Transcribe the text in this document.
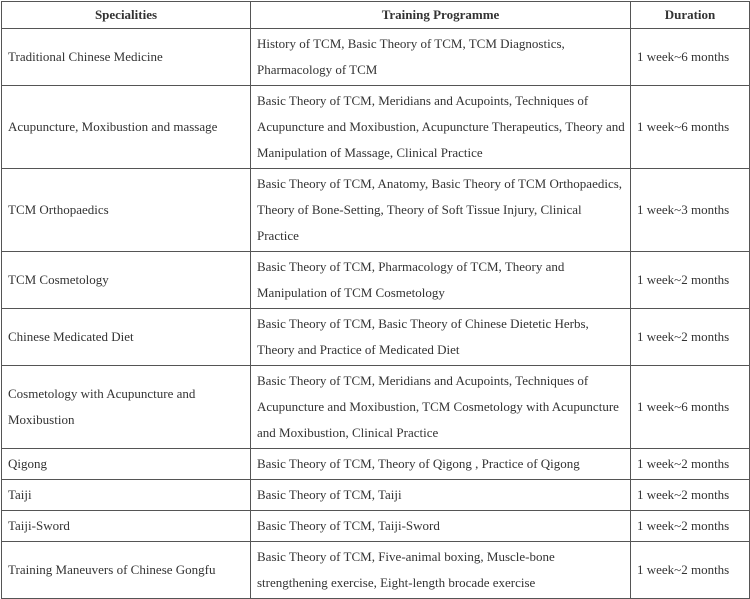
Specialities	Training Programme	Duration
Traditional Chinese Medicine	History of TCM, Basic Theory of TCM, TCM Diagnostics, Pharmacology of TCM	1 week~6 months
Acupuncture, Moxibustion and massage	Basic Theory of TCM, Meridians and Acupoints, Techniques of Acupuncture and Moxibustion, Acupuncture Therapeutics, Theory and Manipulation of Massage, Clinical Practice	1 week~6 months
TCM Orthopaedics	Basic Theory of TCM, Anatomy, Basic Theory of TCM Orthopaedics, Theory of Bone-Setting, Theory of Soft Tissue Injury, Clinical Practice	1 week~3 months
TCM Cosmetology	Basic Theory of TCM, Pharmacology of TCM, Theory and Manipulation of TCM Cosmetology	1 week~2 months
Chinese Medicated Diet	Basic Theory of TCM, Basic Theory of Chinese Dietetic Herbs, Theory and Practice of Medicated Diet	1 week~2 months
Cosmetology with Acupuncture and Moxibustion	Basic Theory of TCM, Meridians and Acupoints, Techniques of Acupuncture and Moxibustion, TCM Cosmetology with Acupuncture and Moxibustion, Clinical Practice	1 week~6 months
Qigong	Basic Theory of TCM, Theory of Qigong , Practice of Qigong	1 week~2 months
Taiji	Basic Theory of TCM, Taiji	1 week~2 months
Taiji-Sword	Basic Theory of TCM, Taiji-Sword	1 week~2 months
Training Maneuvers of Chinese Gongfu	Basic Theory of TCM, Five-animal boxing, Muscle-bone strengthening exercise, Eight-length brocade exercise	1 week~2 months
